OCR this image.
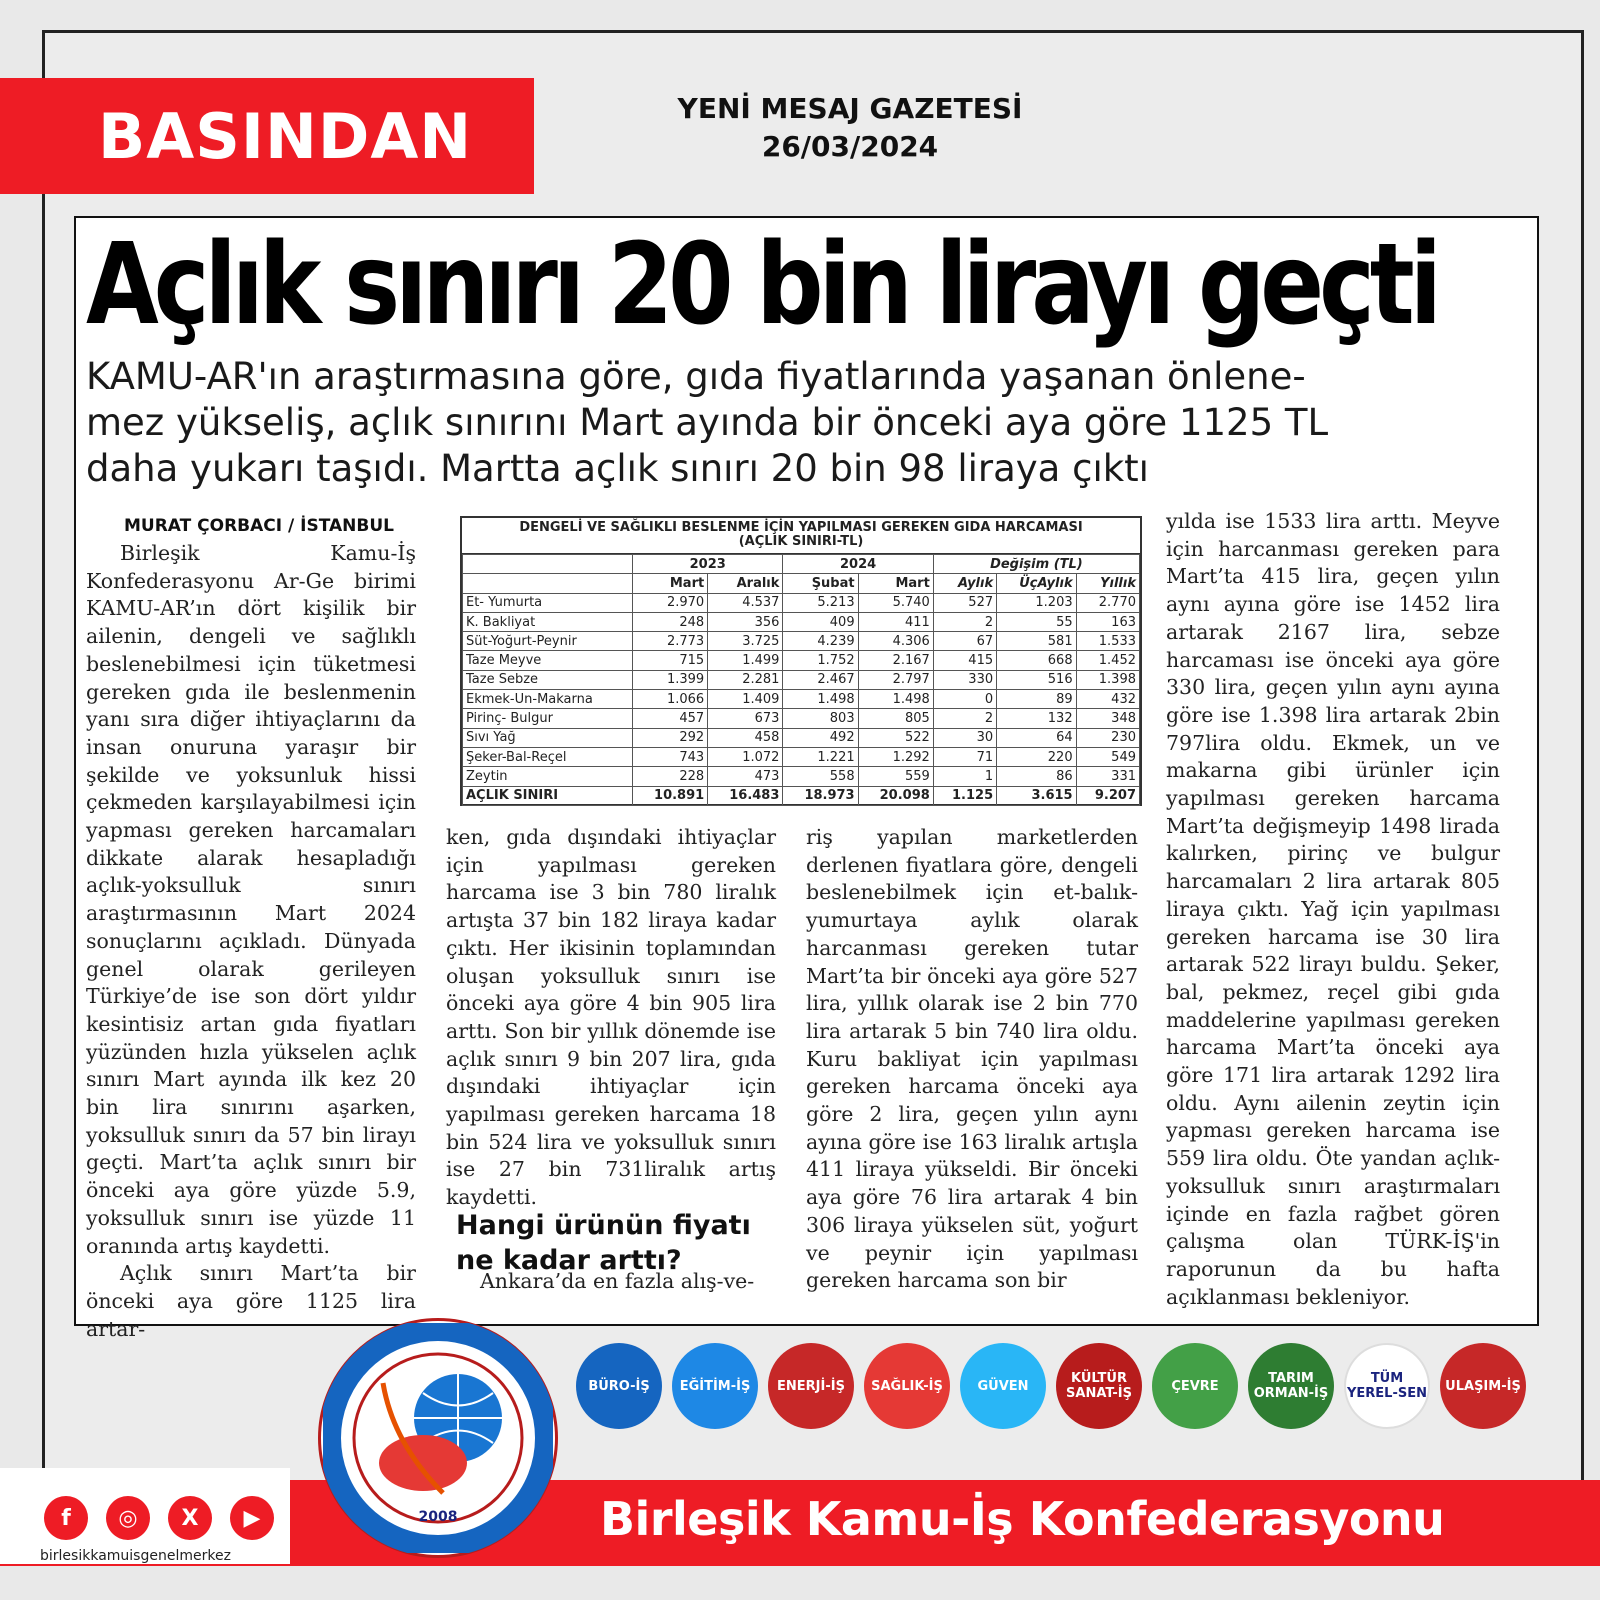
BASINDAN	YENİ MESAJ GAZETESİ
26/03/2024
Açlık sınırı 20 bin lirayı geçti
KAMU-AR'ın araştırmasına göre, gıda fiyatlarında yaşanan önlene-
mez yükseliş, açlık sınırını Mart ayında bir önceki aya göre 1125 TL
daha yukarı taşıdı. Martta açlık sınırı 20 bin 98 liraya çıktı
MURAT ÇORBACI / İSTANBUL

Birleşik Kamu-İş Konfederasyonu Ar-Ge birimi KAMU-AR’ın dört kişilik bir ailenin, dengeli ve sağlıklı beslenebilmesi için tüketmesi gereken gıda ile beslenmenin yanı sıra diğer ihtiyaçlarını da insan onuruna yaraşır bir şekilde ve yoksunluk hissi çekmeden karşılayabilmesi için yapması gereken harcamaları dikkate alarak hesapladığı açlık-yoksulluk sınırı araştırmasının Mart 2024 sonuçlarını açıkladı. Dünyada genel olarak gerileyen Türkiye’de ise son dört yıldır kesintisiz artan gıda fiyatları yüzünden hızla yükselen açlık sınırı Mart ayında ilk kez 20 bin lira sınırını aşarken, yoksulluk sınırı da 57 bin lirayı geçti. Mart’ta açlık sınırı bir önceki aya göre yüzde 5.9, yoksulluk sınırı ise yüzde 11 oranında artış kaydetti.

Açlık sınırı Mart’ta bir önceki aya göre 1125 lira artar-

DENGELİ VE SAĞLIKLI BESLENME İÇİN YAPILMASI GEREKEN GIDA HARCAMASI
(AÇLIK SINIRI-TL)
	2023		2024		Değişim (TL)		
	Mart	Aralık	Şubat	Mart	Aylık	ÜçAylık	Yıllık
Et- Yumurta	2.970	4.537	5.213	5.740	527	1.203	2.770
K. Bakliyat	248	356	409	411	2	55	163
Süt-Yoğurt-Peynir	2.773	3.725	4.239	4.306	67	581	1.533
Taze Meyve	715	1.499	1.752	2.167	415	668	1.452
Taze Sebze	1.399	2.281	2.467	2.797	330	516	1.398
Ekmek-Un-Makarna	1.066	1.409	1.498	1.498	0	89	432
Pirinç- Bulgur	457	673	803	805	2	132	348
Sıvı Yağ	292	458	492	522	30	64	230
Şeker-Bal-Reçel	743	1.072	1.221	1.292	71	220	549
Zeytin	228	473	558	559	1	86	331
AÇLIK SINIRI	10.891	16.483	18.973	20.098	1.125	3.615	9.207

ken, gıda dışındaki ihtiyaçlar için yapılması gereken harcama ise 3 bin 780 liralık artışta 37 bin 182 liraya kadar çıktı. Her ikisinin toplamından oluşan yoksulluk sınırı ise önceki aya göre 4 bin 905 lira arttı. Son bir yıllık dönemde ise açlık sınırı 9 bin 207 lira, gıda dışındaki ihtiyaçlar için yapılması gereken harcama 18 bin 524 lira ve yoksulluk sınırı ise 27 bin 731liralık artış kaydetti.

Hangi ürünün fiyatı ne kadar arttı?

Ankara’da en fazla alış-ve-

riş yapılan marketlerden derlenen fiyatlara göre, dengeli beslenebilmek için et-balık-yumurtaya aylık olarak harcanması gereken tutar Mart’ta bir önceki aya göre 527 lira, yıllık olarak ise 2 bin 770 lira artarak 5 bin 740 lira oldu. Kuru bakliyat için yapılması gereken harcama önceki aya göre 2 lira, geçen yılın aynı ayına göre ise 163 liralık artışla 411 liraya yükseldi. Bir önceki aya göre 76 lira artarak 4 bin 306 liraya yükselen süt, yoğurt ve peynir için yapılması gereken harcama son bir

yılda ise 1533 lira arttı. Meyve için harcanması gereken para Mart’ta 415 lira, geçen yılın aynı ayına göre ise 1452 lira artarak 2167 lira, sebze harcaması ise önceki aya göre 330 lira, geçen yılın aynı ayına göre ise 1.398 lira artarak 2bin 797lira oldu. Ekmek, un ve makarna gibi ürünler için yapılması gereken harcama Mart’ta değişmeyip 1498 lirada kalırken, pirinç ve bulgur harcamaları 2 lira artarak 805 liraya çıktı. Yağ için yapılması gereken harcama ise 30 lira artarak 522 lirayı buldu. Şeker, bal, pekmez, reçel gibi gıda maddelerine yapılması gereken harcama Mart’ta önceki aya göre 171 lira artarak 1292 lira oldu. Aynı ailenin zeytin için yapması gereken harcama ise 559 lira oldu. Öte yandan açlık-yoksulluk sınırı araştırmaları içinde en fazla rağbet gören çalışma olan TÜRK-İŞ'in raporunun da bu hafta açıklanması bekleniyor.

BÜRO-İŞ	EĞİTİM-İŞ	ENERJİ-İŞ	SAĞLIK-İŞ	GÜVEN	KÜLTÜR SANAT-İŞ	ÇEVRE	TARIM ORMAN-İŞ
TÜM YEREL-SEN	ULAŞIM-İŞ
2008	Birleşik Kamu-İş Konfederasyonu
f	◎	X	▶
birlesikkamuisgenelmerkez
